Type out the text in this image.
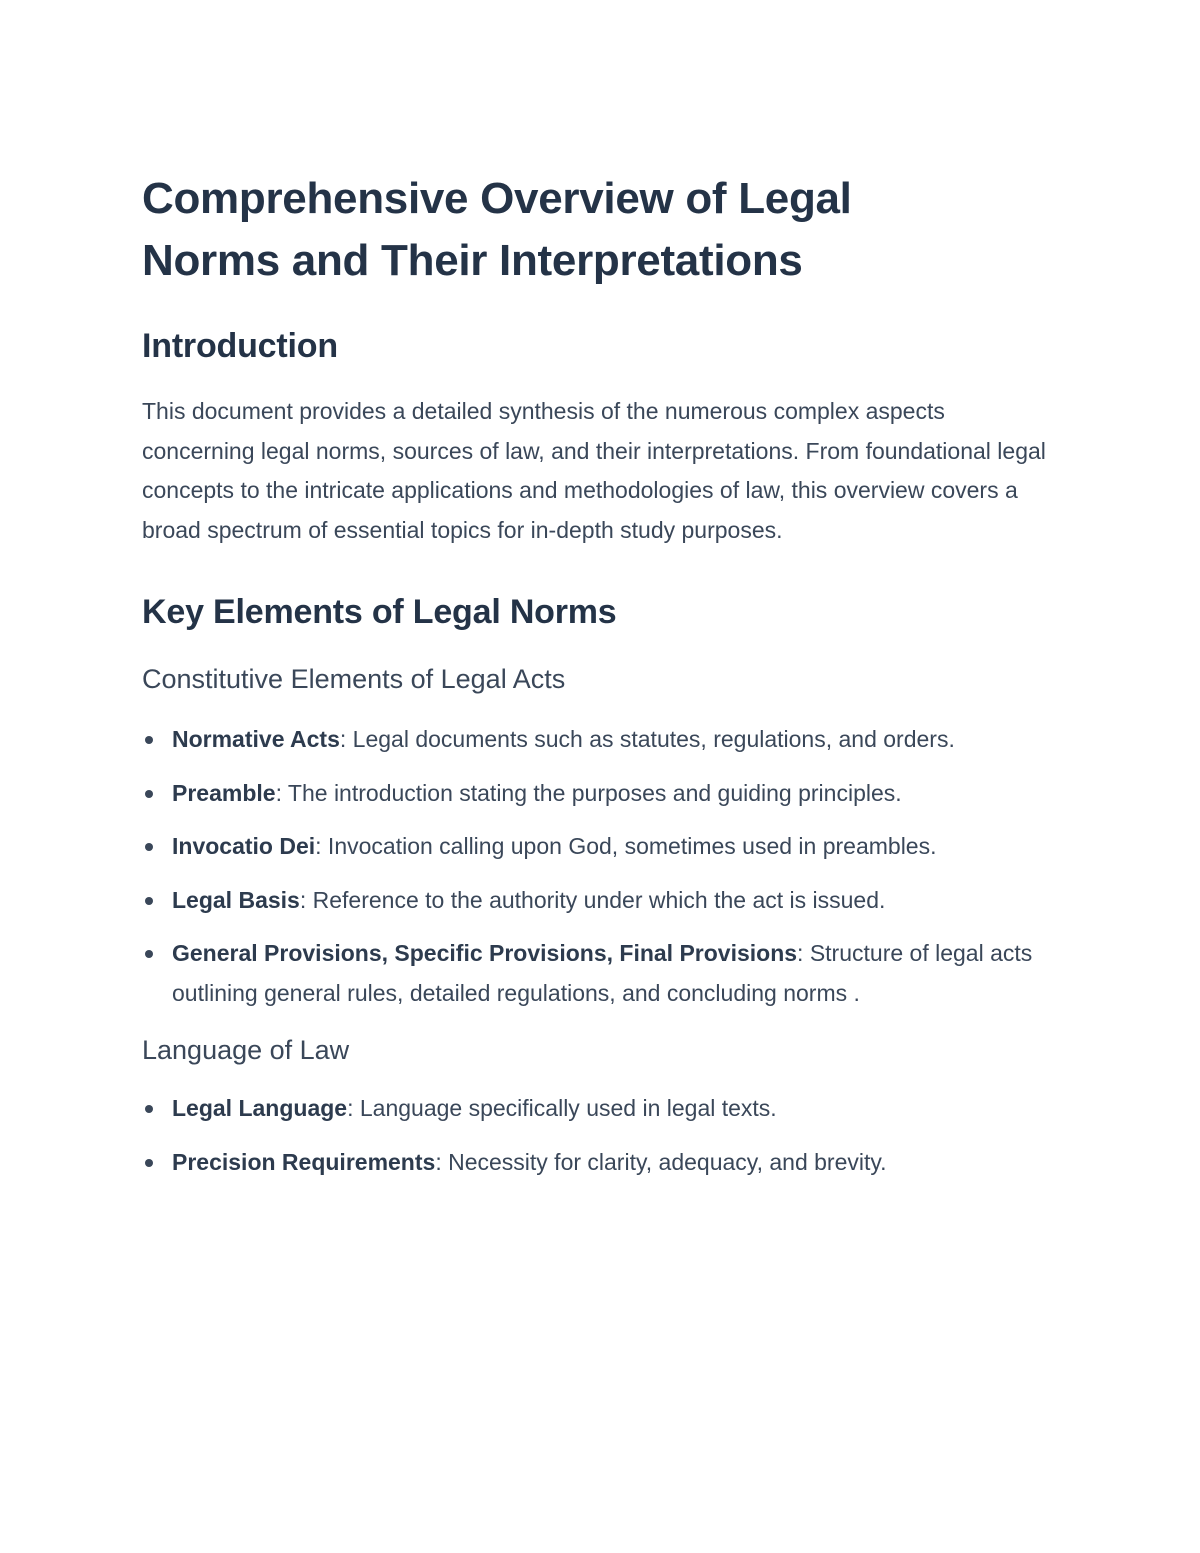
Comprehensive Overview of Legal
Norms and Their Interpretations
Introduction

This document provides a detailed synthesis of the numerous complex aspects concerning legal norms, sources of law, and their interpretations. From foundational legal concepts to the intricate applications and methodologies of law, this overview covers a broad spectrum of essential topics for in-depth study purposes.

Key Elements of Legal Norms
Constitutive Elements of Legal Acts
Normative Acts: Legal documents such as statutes, regulations, and orders.
Preamble: The introduction stating the purposes and guiding principles.
Invocatio Dei: Invocation calling upon God, sometimes used in preambles.
Legal Basis: Reference to the authority under which the act is issued.
General Provisions, Specific Provisions, Final Provisions: Structure of legal acts outlining general rules, detailed regulations, and concluding norms .
Language of Law
Legal Language: Language specifically used in legal texts.
Precision Requirements: Necessity for clarity, adequacy, and brevity.
